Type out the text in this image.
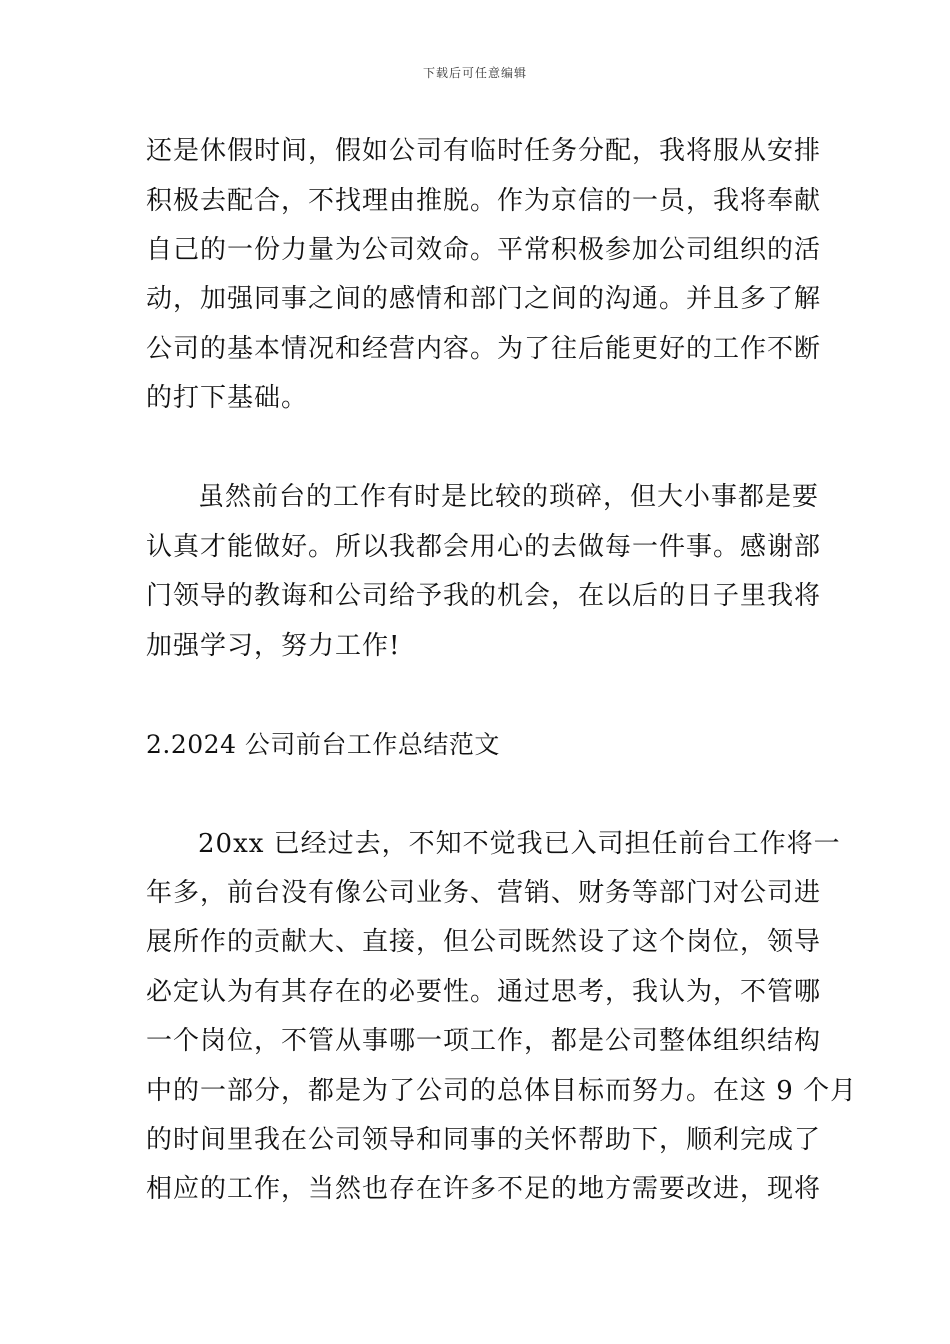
下载后可任意编辑
还是休假时间，假如公司有临时任务分配，我将服从安排
积极去配合，不找理由推脱。作为京信的一员，我将奉献
自己的一份力量为公司效命。平常积极参加公司组织的活
动，加强同事之间的感情和部门之间的沟通。并且多了解
公司的基本情况和经营内容。为了往后能更好的工作不断
的打下基础。
虽然前台的工作有时是比较的琐碎，但大小事都是要
认真才能做好。所以我都会用心的去做每一件事。感谢部
门领导的教诲和公司给予我的机会，在以后的日子里我将
加强学习，努力工作!
2.2024 公司前台工作总结范文
20xx 已经过去，不知不觉我已入司担任前台工作将一
年多，前台没有像公司业务、营销、财务等部门对公司进
展所作的贡献大、直接，但公司既然设了这个岗位，领导
必定认为有其存在的必要性。通过思考，我认为，不管哪
一个岗位，不管从事哪一项工作，都是公司整体组织结构
中的一部分，都是为了公司的总体目标而努力。在这 9 个月
的时间里我在公司领导和同事的关怀帮助下，顺利完成了
相应的工作，当然也存在许多不足的地方需要改进，现将
